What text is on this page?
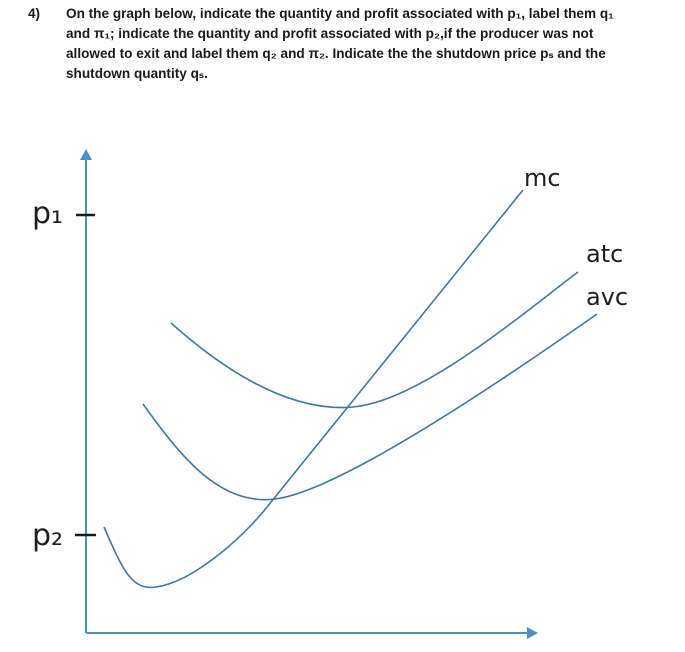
4) On the graph below, indicate the quantity and profit associated with p₁, label them q₁
and π₁; indicate the quantity and profit associated with p₂,if the producer was not
allowed to exit and label them q₂ and π₂. Indicate the the shutdown price pₛ and the
shutdown quantity qₛ.
p₁
p₂
mc
atc
avc
